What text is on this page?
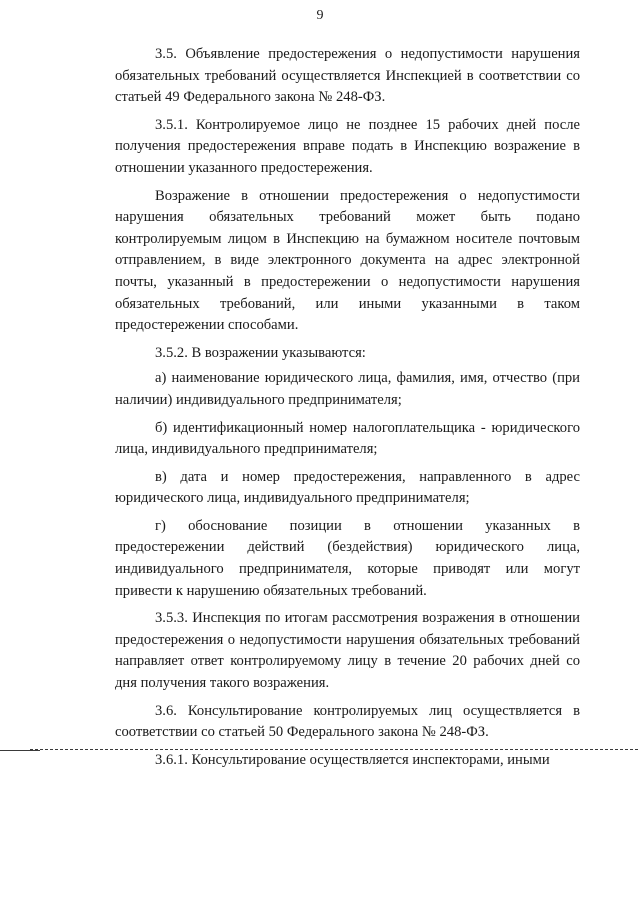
9

3.5. Объявление предостережения о недопустимости нарушения обязательных требований осуществляется Инспекцией в соответствии со статьей 49 Федерального закона № 248-ФЗ.

3.5.1. Контролируемое лицо не позднее 15 рабочих дней после получения предостережения вправе подать в Инспекцию возражение в отношении указанного предостережения.

Возражение в отношении предостережения о недопустимости нарушения обязательных требований может быть подано контролируемым лицом в Инспекцию на бумажном носителе почтовым отправлением, в виде электронного документа на адрес электронной почты, указанный в предостережении о недопустимости нарушения обязательных требований, или иными указанными в таком предостережении способами.

3.5.2. В возражении указываются:

а) наименование юридического лица, фамилия, имя, отчество (при наличии) индивидуального предпринимателя;

б) идентификационный номер налогоплательщика - юридического лица, индивидуального предпринимателя;

в) дата и номер предостережения, направленного в адрес юридического лица, индивидуального предпринимателя;

г) обоснование позиции в отношении указанных в предостережении действий (бездействия) юридического лица, индивидуального предпринимателя, которые приводят или могут привести к нарушению обязательных требований.

3.5.3. Инспекция по итогам рассмотрения возражения в отношении предостережения о недопустимости нарушения обязательных требований направляет ответ контролируемому лицу в течение 20 рабочих дней со дня получения такого возражения.

3.6. Консультирование контролируемых лиц осуществляется в соответствии со статьей 50 Федерального закона № 248-ФЗ.

3.6.1. Консультирование осуществляется инспекторами, иными
